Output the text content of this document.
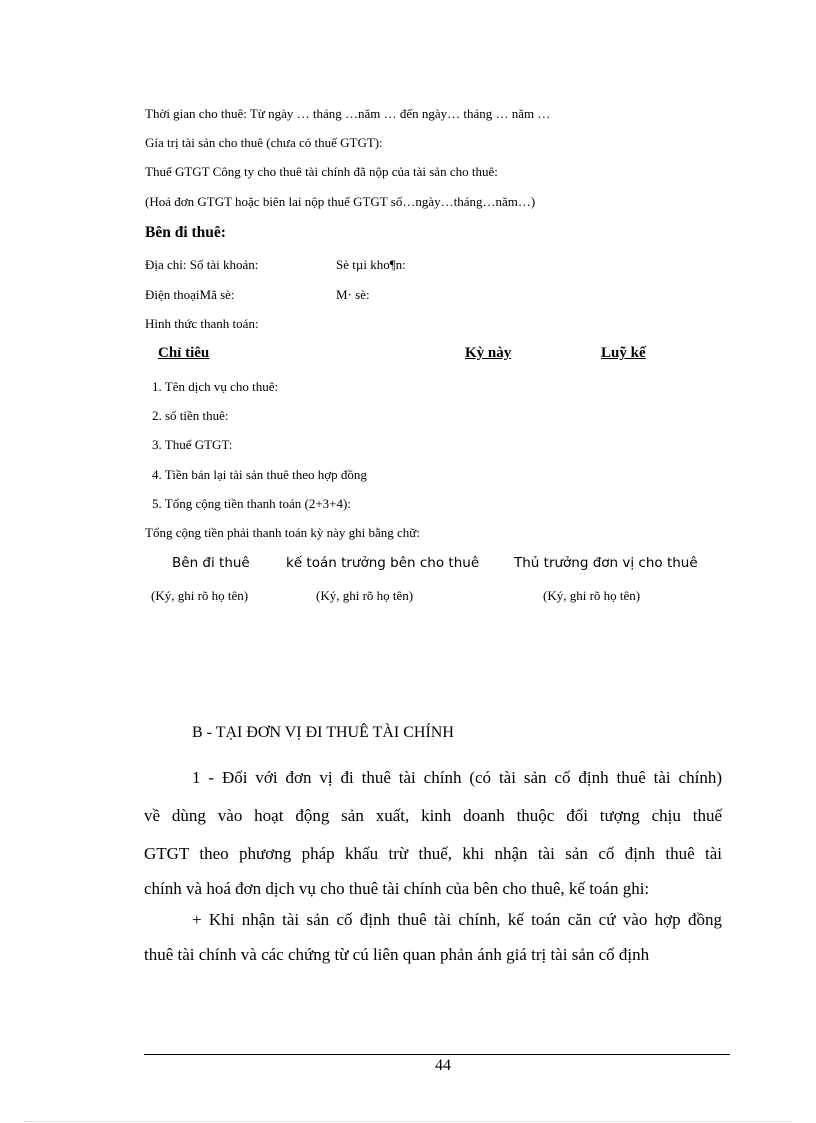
Thời gian cho thuê: Từ ngày … tháng …năm … đến ngày… tháng … năm …
Gía trị tài sản cho thuê (chưa có thuế GTGT):
Thuế GTGT Công ty cho thuê tài chính đã nộp của tài sản cho thuê:
(Hoá đơn GTGT hoặc biên lai nộp thuế GTGT số…ngày…tháng…năm…)
Bên đi thuê:
Địa chỉ: Số tài khoản:	Sè tµi kho¶n:
Điện thoạiMã sè:	M· sè:
Hình thức thanh toán:
Chỉ tiêu	Kỳ này	Luỹ kế
1. Tên dịch vụ cho thuê:
2. số tiền thuê:
3. Thuế GTGT:
4. Tiền bán lại tài sản thuê theo hợp đồng
5. Tổng cộng tiền thanh toán (2+3+4):
Tổng cộng tiền phải thanh toán kỳ này ghi bằng chữ:
Bên đi thuê	kế toán trưởng bên cho thuê	Thủ trưởng đơn vị cho thuê
(Ký, ghi rõ họ tên)	(Ký, ghi rõ họ tên)	(Ký, ghi rõ họ tên)
B - TẠI ĐƠN VỊ ĐI THUÊ TÀI CHÍNH
1 - Đối với đơn vị đi thuê tài chính (có tài sản cố định thuê tài chính)
về dùng vào hoạt động sản xuất, kinh doanh thuộc đối tượng chịu thuế
GTGT theo phương pháp khấu trừ thuế, khi nhận tài sản cố định thuê tài
chính và hoá đơn dịch vụ cho thuê tài chính của bên cho thuê, kế toán ghi:
+ Khi nhận tài sản cố định thuê tài chính, kế toán căn cứ vào hợp đồng
thuê tài chính và các chứng từ cú liên quan phản ánh giá trị tài sản cố định
44
